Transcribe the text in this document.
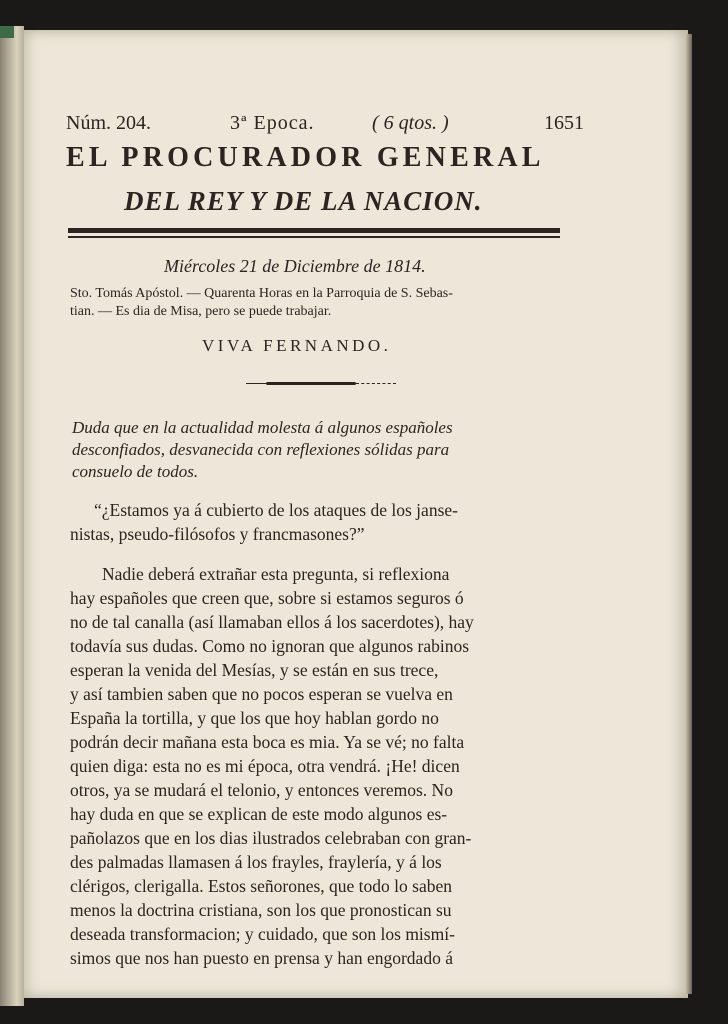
Núm. 204.	3ª Epoca.	( 6 qtos. )	1651
EL PROCURADOR GENERAL
DEL REY Y DE LA NACION.
Miércoles 21 de Diciembre de 1814.
Sto. Tomás Apóstol. — Quarenta Horas en la Parroquia de S. Sebas-
tian. — Es dia de Misa, pero se puede trabajar.
VIVA FERNANDO.
Duda que en la actualidad molesta á algunos españoles
desconfiados, desvanecida con reflexiones sólidas para
consuelo de todos.
“¿Estamos ya á cubierto de los ataques de los janse-
nistas, pseudo-filósofos y francmasones?”
Nadie deberá extrañar esta pregunta, si reflexiona
hay españoles que creen que, sobre si estamos seguros ó
no de tal canalla (así llamaban ellos á los sacerdotes), hay
todavía sus dudas. Como no ignoran que algunos rabinos
esperan la venida del Mesías, y se están en sus trece,
y así tambien saben que no pocos esperan se vuelva en
España la tortilla, y que los que hoy hablan gordo no
podrán decir mañana esta boca es mia. Ya se vé; no falta
quien diga: esta no es mi época, otra vendrá. ¡He! dicen
otros, ya se mudará el telonio, y entonces veremos. No
hay duda en que se explican de este modo algunos es-
pañolazos que en los dias ilustrados celebraban con gran-
des palmadas llamasen á los frayles, fraylería, y á los
clérigos, clerigalla. Estos señorones, que todo lo saben
menos la doctrina cristiana, son los que pronostican su
deseada transformacion; y cuidado, que son los mismí-
simos que nos han puesto en prensa y han engordado á
